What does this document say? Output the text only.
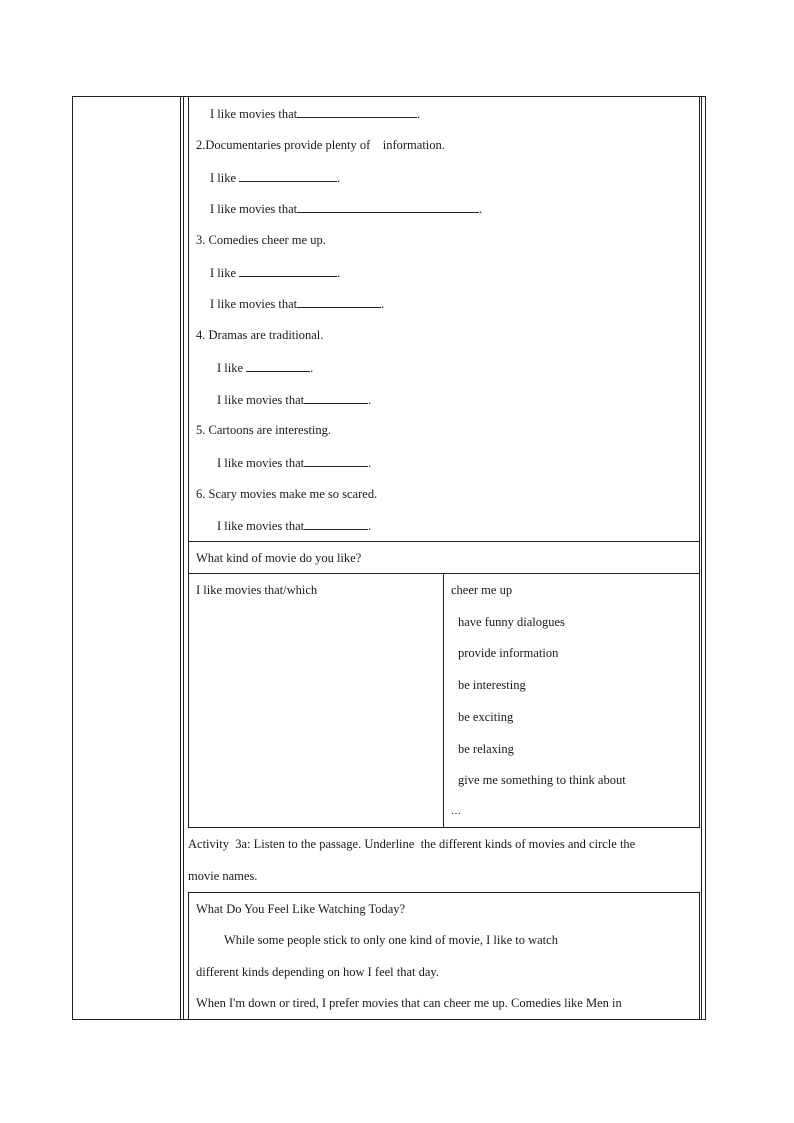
I like movies that	.
2.Documentaries provide plenty of    information.
I like	.
I like movies that	.
3. Comedies cheer me up.
I like	.
I like movies that	.
4. Dramas are traditional.
I like	.
I like movies that	.
5. Cartoons are interesting.
I like movies that	.
6. Scary movies make me so scared.
I like movies that	.
What kind of movie do you like?
I like movies that/which	cheer me up
have funny dialogues
provide information
be interesting
be exciting
be relaxing
give me something to think about
…
Activity  3a: Listen to the passage. Underline  the different kinds of movies and circle the
movie names.
What Do You Feel Like Watching Today?
While some people stick to only one kind of movie, I like to watch
different kinds depending on how I feel that day.
When I'm down or tired, I prefer movies that can cheer me up. Comedies like Men in
